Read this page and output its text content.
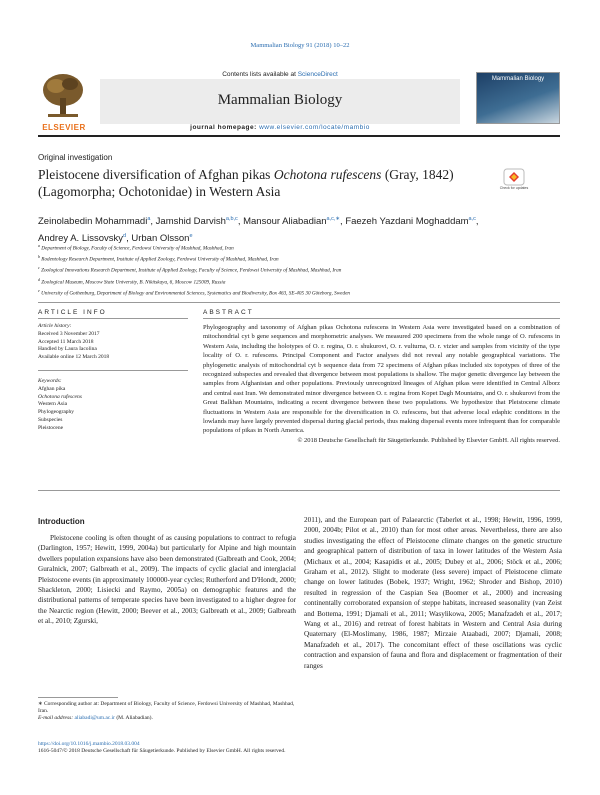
Mammalian Biology 91 (2018) 10–22
ELSEVIER
Contents lists available at ScienceDirect
Mammalian Biology
journal homepage: www.elsevier.com/locate/mambio
Mammalian Biology
Original investigation
Pleistocene diversification of Afghan pikas Ochotona rufescens (Gray, 1842) (Lagomorpha; Ochotonidae) in Western Asia	Check for updates
Zeinolabedin Mohammadi$^a$, Jamshid Darvish$^{a,b,c}$, Mansour Aliabadian$^{a,c,∗}$, Faezeh Yazdani Moghaddam$^{a,c}$, Andrey A. Lissovsky$^d$, Urban Olsson$^e$
$^a$ Department of Biology, Faculty of Science, Ferdowsi University of Mashhad, Mashhad, Iran
$^b$ Rodentology Research Department, Institute of Applied Zoology, Ferdowsi University of Mashhad, Mashhad, Iran
$^c$ Zoological Innovations Research Department, Institute of Applied Zoology, Faculty of Science, Ferdowsi University of Mashhad, Mashhad, Iran
$^d$ Zoological Museum, Moscow State University, B. Nikitskaya, 6, Moscow 125009, Russia
$^e$ University of Gothenburg, Department of Biology and Environmental Sciences, Systematics and Biodiversity, Box 463, SE-405 30 Göteborg, Sweden
ARTICLE INFO	ABSTRACT
Article history:
Received 3 November 2017
Accepted 11 March 2018
Handled by Laura Iacolina
Available online 12 March 2018
Keywords:
Afghan pika
Ochotona rufescens
Western Asia
Phylogeography
Subspecies
Pleistocene

Phylogeography and taxonomy of Afghan pikas Ochotona rufescens in Western Asia were investigated based on a combination of mitochondrial cyt b gene sequences and morphometric analyses. We measured 200 specimens from the whole range of O. rufescens in Western Asia, including the holotypes of O. r. regina, O. r. shukurovi, O. r. vulturna, O. r. vizier and samples from vicinity of the type locality of O. r. rufescens. Principal Component and Factor analyses did not reveal any notable geographical variations. The phylogenetic analysis of mitochondrial cyt b sequence data from 72 specimens of Afghan pikas included six topotypes of three of the recognized subspecies and revealed that divergence between most populations is shallow. The major genetic divergence lay between the samples from Afghanistan and other populations. Previously unrecognized lineages of Afghan pikas were identified in Central Alborz and central east Iran. We demonstrated minor divergence between O. r. regina from Kopet Dagh Mountains, and O. r. shukurovi from the Great Balkhan Mountains, indicating a recent divergence between these two populations. We hypothesize that Pleistocene climate fluctuations in Western Asia are responsible for the diversification in O. rufescens, but that adverse local edaphic conditions in the lowlands may have largely prevented dispersal during glacial periods, thus making dispersal events more infrequent than for comparable populations of pikas in North America.

© 2018 Deutsche Gesellschaft für Säugetierkunde. Published by Elsevier GmbH. All rights reserved.

Introduction

Pleistocene cooling is often thought of as causing populations to contract to refugia (Darlington, 1957; Hewitt, 1999, 2004a) but particularly for Alpine and high mountain dwellers population expansions have also been demonstrated (Galbreath and Cook, 2004; Guralnick, 2007; Galbreath et al., 2009). The impacts of cyclic glacial and interglacial Pleistocene events (in approximately 100000-year cycles; Rutherford and D'Hondt, 2000; Shackleton, 2000; Lisiecki and Raymo, 2005a) on demographic features and the distributional patterns of temperate species have been investigated to a higher degree for the Nearctic region (Hewitt, 2000; Beever et al., 2003; Galbreath et al., 2009; Galbreath et al., 2010; Zgurski,

2011), and the European part of Palaearctic (Taberlet et al., 1998; Hewitt, 1996, 1999, 2000, 2004b; Pilot et al., 2010) than for most other areas. Nevertheless, there are also studies investigating the effect of Pleistocene climate changes on the genetic structure and geographical pattern of distribution of taxa in lower latitudes of the Western Asia (Michaux et al., 2004; Kasapidis et al., 2005; Dubey et al., 2006; Stöck et al., 2006; Graham et al., 2012). Slight to moderate (less severe) impact of Pleistocene climate change on lower latitudes (Bobek, 1937; Wright, 1962; Shroder and Bishop, 2010) resulted in regression of the Caspian Sea (Boomer et al., 2000) and increasing continentally corroborated expansion of steppe habitats, increased seasonality (van Zeist and Bottema, 1991; Djamali et al., 2011; Wasylikowa, 2005; Manafzadeh et al., 2017; Wang et al., 2016) and retreat of forest habitats in Western and Central Asia during Quaternary (El-Moslimany, 1986, 1987; Mirzaie Ataabadi, 2007; Djamali, 2008; Manafzadeh et al., 2017). The concomitant effect of these oscillations was cyclic contraction and expansion of fauna and flora and displacement or fragmentation of their ranges

∗ Corresponding author at: Department of Biology, Faculty of Science, Ferdowsi University of Mashhad, Mashhad, Iran.
E-mail address: aliabadi@um.ac.ir (M. Aliabadian).
https://doi.org/10.1016/j.mambio.2018.03.004
1616-5047/© 2018 Deutsche Gesellschaft für Säugetierkunde. Published by Elsevier GmbH. All rights reserved.
